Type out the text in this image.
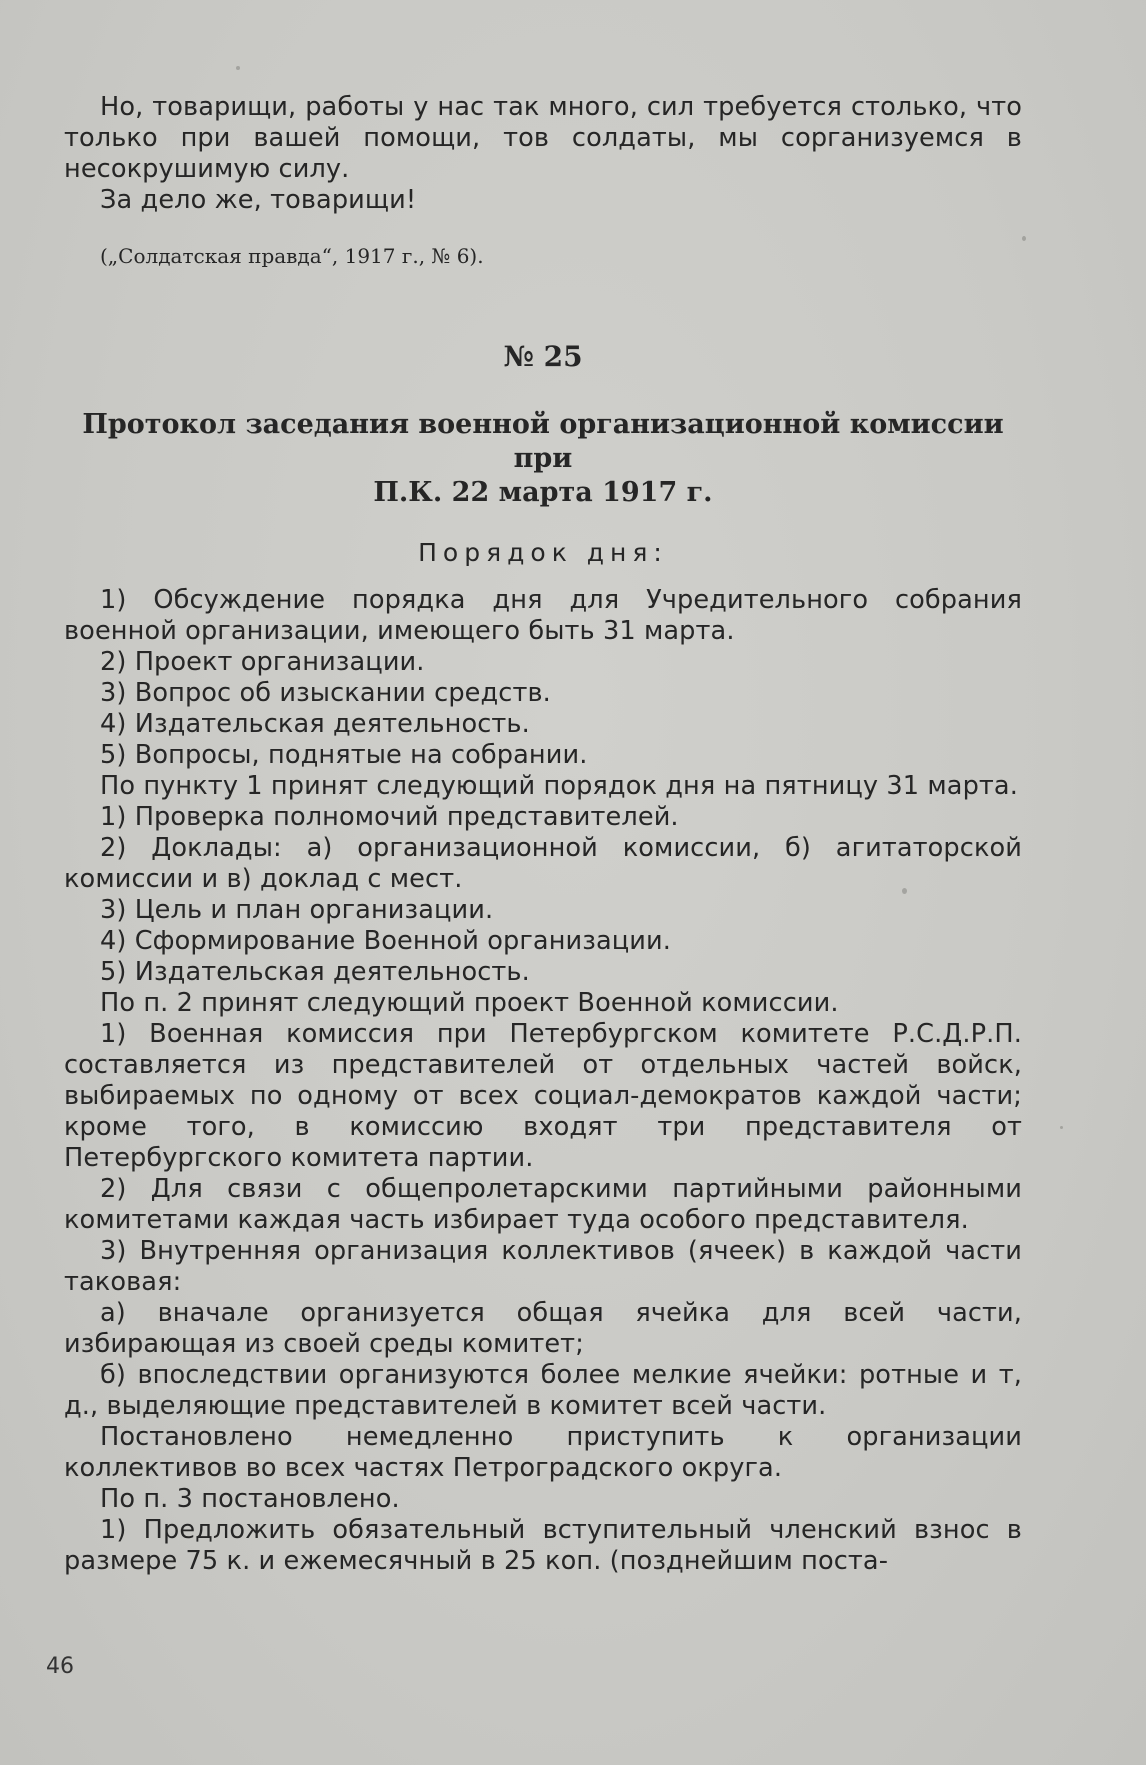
Но, товарищи, работы у нас так много, сил требуется столько, что только при вашей помощи, тов солдаты, мы сорганизуемся в несокрушимую силу.

За дело же, товарищи!

(„Солдатская правда“, 1917 г., № 6).

№ 25
Протокол заседания военной организационной комиссии при
П.К. 22 марта 1917 г.
Порядок дня:

1) Обсуждение порядка дня для Учредительного собрания военной организации, имеющего быть 31 марта.

2) Проект организации.

3) Вопрос об изыскании средств.

4) Издательская деятельность.

5) Вопросы, поднятые на собрании.

По пункту 1 принят следующий порядок дня на пятницу 31 марта.

1) Проверка полномочий представителей.

2) Доклады: а) организационной комиссии, б) агитаторской комиссии и в) доклад с мест.

3) Цель и план организации.

4) Сформирование Военной организации.

5) Издательская деятельность.

По п. 2 принят следующий проект Военной комиссии.

1) Военная комиссия при Петербургском комитете Р.С.Д.Р.П. составляется из представителей от отдельных частей войск, выбираемых по одному от всех социал-демократов каждой части; кроме того, в комиссию входят три представителя от Петербургского комитета партии.

2) Для связи с общепролетарскими партийными районными комитетами каждая часть избирает туда особого представителя.

3) Внутренняя организация коллективов (ячеек) в каждой части таковая:

а) вначале организуется общая ячейка для всей части, избирающая из своей среды комитет;

б) впоследствии организуются более мелкие ячейки: ротные и т, д., выделяющие представителей в комитет всей части.

Постановлено немедленно приступить к организации коллективов во всех частях Петроградского округа.

По п. 3 постановлено.

1) Предложить обязательный вступительный членский взнос в размере 75 к. и ежемесячный в 25 коп. (позднейшим поста-

46
